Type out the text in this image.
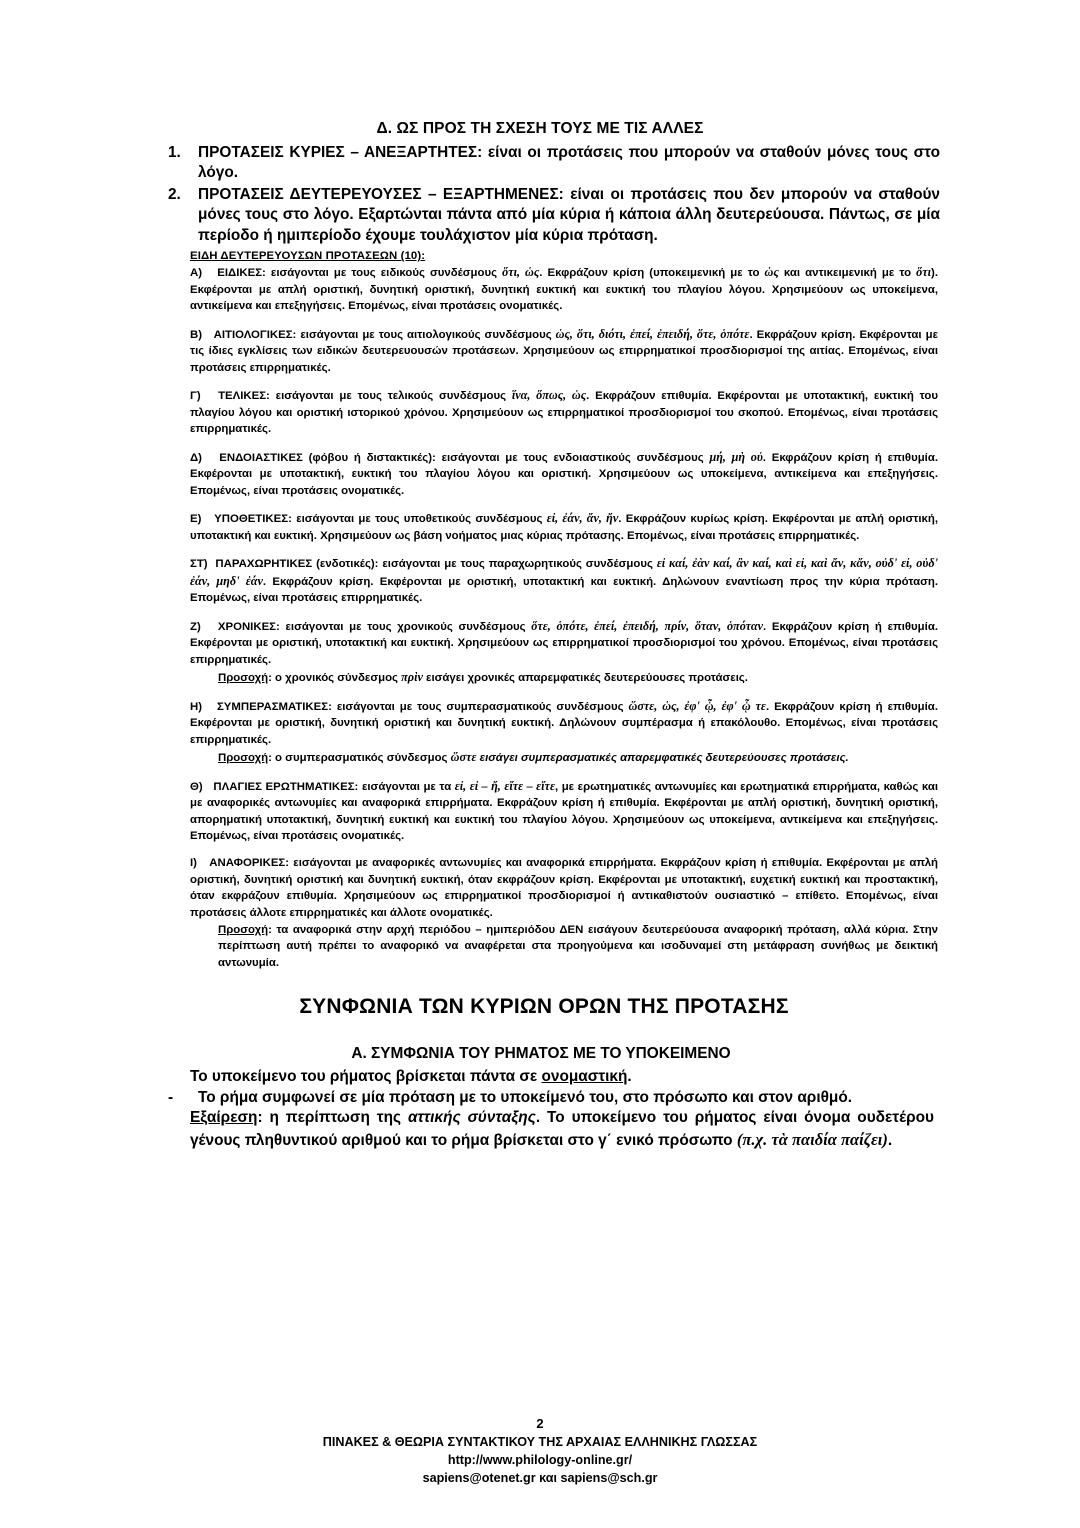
Δ. ΩΣ ΠΡΟΣ ΤΗ ΣΧΕΣΗ ΤΟΥΣ ΜΕ ΤΙΣ ΑΛΛΕΣ
1. ΠΡΟΤΑΣΕΙΣ ΚΥΡΙΕΣ – ΑΝΕΞΑΡΤΗΤΕΣ: είναι οι προτάσεις που μπορούν να σταθούν μόνες τους στο λόγο.
2. ΠΡΟΤΑΣΕΙΣ ΔΕΥΤΕΡΕΥΟΥΣΕΣ – ΕΞΑΡΤΗΜΕΝΕΣ: είναι οι προτάσεις που δεν μπορούν να σταθούν μόνες τους στο λόγο. Εξαρτώνται πάντα από μία κύρια ή κάποια άλλη δευτερεύουσα. Πάντως, σε μία περίοδο ή ημιπερίοδο έχουμε τουλάχιστον μία κύρια πρόταση.
ΕΙΔΗ ΔΕΥΤΕΡΕΥΟΥΣΩΝ ΠΡΟΤΑΣΕΩΝ (10):

Α)   ΕΙΔΙΚΕΣ: εισάγονται με τους ειδικούς συνδέσμους ὅτι, ὡς. Εκφράζουν κρίση (υποκειμενική με το ὡς και αντικειμενική με το ὅτι). Εκφέρονται με απλή οριστική, δυνητική οριστική, δυνητική ευκτική και ευκτική του πλαγίου λόγου. Χρησιμεύουν ως υποκείμενα, αντικείμενα και επεξηγήσεις. Επομένως, είναι προτάσεις ονοματικές.

Β)   ΑΙΤΙΟΛΟΓΙΚΕΣ: εισάγονται με τους αιτιολογικούς συνδέσμους ὡς, ὅτι, διότι, ἐπεί, ἐπειδή, ὅτε, ὁπότε. Εκφράζουν κρίση. Εκφέρονται με τις ίδιες εγκλίσεις των ειδικών δευτερευουσών προτάσεων. Χρησιμεύουν ως επιρρηματικοί προσδιορισμοί της αιτίας. Επομένως, είναι προτάσεις επιρρηματικές.

Γ)   ΤΕΛΙΚΕΣ: εισάγονται με τους τελικούς συνδέσμους ἵνα, ὅπως, ὡς. Εκφράζουν επιθυμία. Εκφέρονται με υποτακτική, ευκτική του πλαγίου λόγου και οριστική ιστορικού χρόνου. Χρησιμεύουν ως επιρρηματικοί προσδιορισμοί του σκοπού. Επομένως, είναι προτάσεις επιρρηματικές.

Δ)   ΕΝΔΟΙΑΣΤΙΚΕΣ (φόβου ή διστακτικές): εισάγονται με τους ενδοιαστικούς συνδέσμους μή, μὴ οὐ. Εκφράζουν κρίση ή επιθυμία. Εκφέρονται με υποτακτική, ευκτική του πλαγίου λόγου και οριστική. Χρησιμεύουν ως υποκείμενα, αντικείμενα και επεξηγήσεις. Επομένως, είναι προτάσεις ονοματικές.

Ε)   ΥΠΟΘΕΤΙΚΕΣ: εισάγονται με τους υποθετικούς συνδέσμους εἰ, ἐάν, ἄν, ἤν. Εκφράζουν κυρίως κρίση. Εκφέρονται με απλή οριστική, υποτακτική και ευκτική. Χρησιμεύουν ως βάση νοήματος μιας κύριας πρότασης. Επομένως, είναι προτάσεις επιρρηματικές.

ΣΤ)  ΠΑΡΑΧΩΡΗΤΙΚΕΣ (ενδοτικές): εισάγονται με τους παραχωρητικούς συνδέσμους εἰ καί, ἐὰν καί, ἂν καί, καὶ εἰ, καὶ ἄν, κἄν, οὐδ' εἰ, οὐδ' ἐάν, μηδ' ἐάν. Εκφράζουν κρίση. Εκφέρονται με οριστική, υποτακτική και ευκτική. Δηλώνουν εναντίωση προς την κύρια πρόταση. Επομένως, είναι προτάσεις επιρρηματικές.

Ζ)   ΧΡΟΝΙΚΕΣ: εισάγονται με τους χρονικούς συνδέσμους ὅτε, ὁπότε, ἐπεί, ἐπειδή, πρίν, ὅταν, ὁπόταν. Εκφράζουν κρίση ή επιθυμία. Εκφέρονται με οριστική, υποτακτική και ευκτική. Χρησιμεύουν ως επιρρηματικοί προσδιορισμοί του χρόνου. Επομένως, είναι προτάσεις επιρρηματικές.
Προσοχή: ο χρονικός σύνδεσμος πρὶν εισάγει χρονικές απαρεμφατικές δευτερεύουσες προτάσεις.

Η)   ΣΥΜΠΕΡΑΣΜΑΤΙΚΕΣ: εισάγονται με τους συμπερασματικούς συνδέσμους ὥστε, ὡς, ἐφ' ᾧ, ἐφ' ᾧ τε. Εκφράζουν κρίση ή επιθυμία. Εκφέρονται με οριστική, δυνητική οριστική και δυνητική ευκτική. Δηλώνουν συμπέρασμα ή επακόλουθο. Επομένως, είναι προτάσεις επιρρηματικές.
Προσοχή: ο συμπερασματικός σύνδεσμος ὥστε εισάγει συμπερασματικές απαρεμφατικές δευτερεύουσες προτάσεις.

Θ)   ΠΛΑΓΙΕΣ ΕΡΩΤΗΜΑΤΙΚΕΣ: εισάγονται με τα εἰ, εἰ – ἤ, εἴτε – εἴτε, με ερωτηματικές αντωνυμίες και ερωτηματικά επιρρήματα, καθώς και με αναφορικές αντωνυμίες και αναφορικά επιρρήματα. Εκφράζουν κρίση ή επιθυμία. Εκφέρονται με απλή οριστική, δυνητική οριστική, απορηματική υποτακτική, δυνητική ευκτική και ευκτική του πλαγίου λόγου. Χρησιμεύουν ως υποκείμενα, αντικείμενα και επεξηγήσεις. Επομένως, είναι προτάσεις ονοματικές.

Ι)   ΑΝΑΦΟΡΙΚΕΣ: εισάγονται με αναφορικές αντωνυμίες και αναφορικά επιρρήματα. Εκφράζουν κρίση ή επιθυμία. Εκφέρονται με απλή οριστική, δυνητική οριστική και δυνητική ευκτική, όταν εκφράζουν κρίση. Εκφέρονται με υποτακτική, ευχετική ευκτική και προστακτική, όταν εκφράζουν επιθυμία. Χρησιμεύουν ως επιρρηματικοί προσδιορισμοί ή αντικαθιστούν ουσιαστικό – επίθετο. Επομένως, είναι προτάσεις άλλοτε επιρρηματικές και άλλοτε ονοματικές.
Προσοχή: τα αναφορικά στην αρχή περιόδου – ημιπεριόδου ΔΕΝ εισάγουν δευτερεύουσα αναφορική πρόταση, αλλά κύρια. Στην περίπτωση αυτή πρέπει το αναφορικό να αναφέρεται στα προηγούμενα και ισοδυναμεί στη μετάφραση συνήθως με δεικτική αντωνυμία.

ΣΥΝΦΩΝΙΑ ΤΩΝ ΚΥΡΙΩΝ ΟΡΩΝ ΤΗΣ ΠΡΟΤΑΣΗΣ
Α. ΣΥΜΦΩΝΙΑ ΤΟΥ ΡΗΜΑΤΟΣ ΜΕ ΤΟ ΥΠΟΚΕΙΜΕΝΟ

Το υποκείμενο του ρήματος βρίσκεται πάντα σε ονομαστική.

- Το ρήμα συμφωνεί σε μία πρόταση με το υποκείμενό του, στο πρόσωπο και στον αριθμό.

Εξαίρεση: η περίπτωση της αττικής σύνταξης. Το υποκείμενο του ρήματος είναι όνομα ουδετέρου γένους πληθυντικού αριθμού και το ρήμα βρίσκεται στο γ΄ ενικό πρόσωπο (π.χ. τὰ παιδία παίζει).

2
ΠΙΝΑΚΕΣ & ΘΕΩΡΙΑ ΣΥΝΤΑΚΤΙΚΟΥ ΤΗΣ ΑΡΧΑΙΑΣ ΕΛΛΗΝΙΚΗΣ ΓΛΩΣΣΑΣ
http://www.philology-online.gr/
sapiens@otenet.gr και sapiens@sch.gr
